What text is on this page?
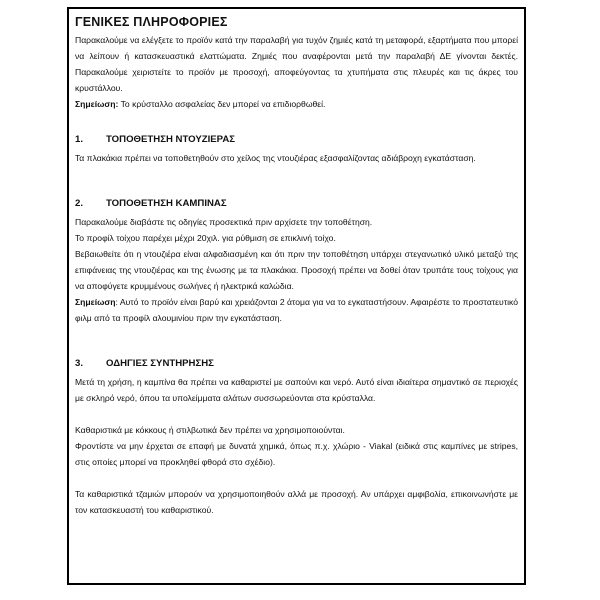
ΓΕΝΙΚΕΣ ΠΛΗΡΟΦΟΡΙΕΣ

Παρακαλούμε να ελέγξετε το προϊόν κατά την παραλαβή για τυχόν ζημιές κατά τη μεταφορά, εξαρτήματα που μπορεί να λείπουν ή κατασκευαστικά ελαττώματα. Ζημιές που αναφέρονται μετά την παραλαβή ΔΕ γίνονται δεκτές. Παρακαλούμε χειριστείτε το προϊόν με προσοχή, αποφεύγοντας τα χτυπήματα στις πλευρές και τις άκρες του κρυστάλλου.

Σημείωση: Το κρύσταλλο ασφαλείας δεν μπορεί να επιδιορθωθεί.

1.	ΤΟΠΟΘΕΤΗΣΗ ΝΤΟΥΖΙΕΡΑΣ

Τα πλακάκια πρέπει να τοποθετηθούν στο χείλος της ντουζιέρας εξασφαλίζοντας αδιάβροχη εγκατάσταση.

2.	ΤΟΠΟΘΕΤΗΣΗ ΚΑΜΠΙΝΑΣ

Παρακαλούμε διαβάστε τις οδηγίες προσεκτικά πριν αρχίσετε την τοποθέτηση.

Το προφίλ τοίχου παρέχει μέχρι 20χιλ. για ρύθμιση σε επικλινή τοίχο.

Βεβαιωθείτε ότι η ντουζιέρα είναι αλφαδιασμένη και ότι πριν την τοποθέτηση υπάρχει στεγανωτικό υλικό μεταξύ της επιφάνειας της ντουζιέρας και της ένωσης με τα πλακάκια. Προσοχή πρέπει να δοθεί όταν τρυπάτε τους τοίχους για να αποφύγετε κρυμμένους σωλήνες ή ηλεκτρικά καλώδια.

Σημείωση: Αυτό το προϊόν είναι βαρύ και χρειάζονται 2 άτομα για να το εγκαταστήσουν. Αφαιρέστε το προστατευτικό φιλμ από τα προφίλ αλουμινίου πριν την εγκατάσταση.

3.	ΟΔΗΓΙΕΣ ΣΥΝΤΗΡΗΣΗΣ

Μετά τη χρήση, η καμπίνα θα πρέπει να καθαριστεί με σαπούνι και νερό. Αυτό είναι ιδιαίτερα σημαντικό σε περιοχές με σκληρό νερό, όπου τα υπολείμματα αλάτων συσσωρεύονται στα κρύσταλλα.

Καθαριστικά με κόκκους ή στιλβωτικά δεν πρέπει να χρησιμοποιούνται.

Φροντίστε να μην έρχεται σε επαφή με δυνατά χημικά, όπως π.χ. χλώριο - Viakal (ειδικά στις καμπίνες με stripes, στις οποίες μπορεί να προκληθεί φθορά στο σχέδιο).

Τα καθαριστικά τζαμιών μπορούν να χρησιμοποιηθούν αλλά με προσοχή. Αν υπάρχει αμφιβολία, επικοινωνήστε με τον κατασκευαστή του καθαριστικού.
